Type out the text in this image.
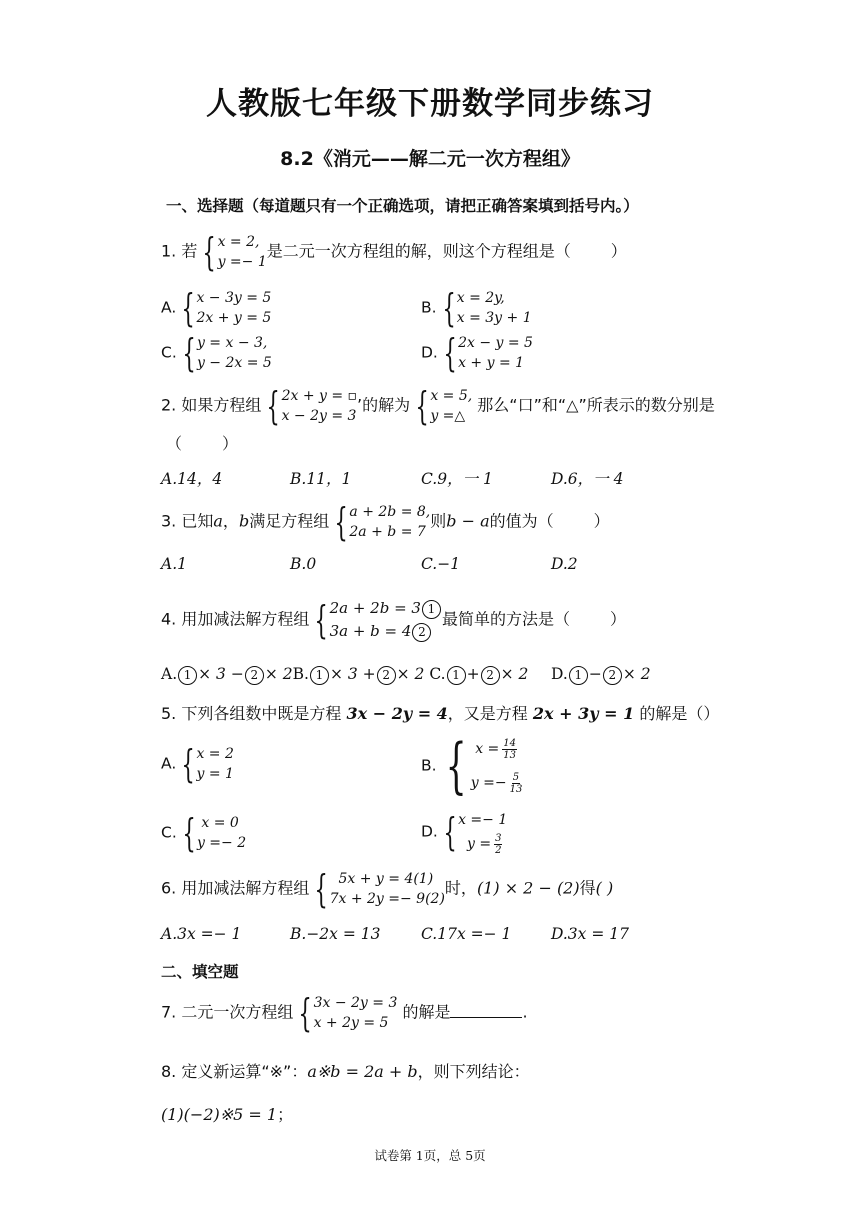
人教版七年级下册数学同步练习
8.2《消元——解二元一次方程组》
一、选择题（每道题只有一个正确选项，请把正确答案填到括号内。）
1. 若 { x = 2,
y =− 1
是二元一次方程组的解，则这个方程组是（	）
A. { x − 3y = 5
2x + y = 5
B. { x = 2y,
x = 3y + 1
C. { y = x − 3,
y − 2x = 5
D. { 2x − y = 5
x + y = 1
2. 如果方程组 { 2x + y = ▫
x − 2y = 3
’的解为 { x = 5,
y =△
那么“口”和“△”所表示的数分别是
（	）
A.14，4	B.11，1	C.9，一 1	D.6，一 4
3. 已知a，b满足方程组 { a + 2b = 8,
2a + b = 7
则b − a的值为（	）
A.1	B.0	C.−1	D.2
4. 用加减法解方程组 { 2a + 2b = 3 1
3a + b = 4 2
最简单的方法是（	）
A. 1 × 3 − 2 × 2B. 1 × 3 + 2 × 2 C. 1 + 2 × 2 D. 1 − 2 × 2
5. 下列各组数中既是方程 3x − 2y = 4，又是方程 2x + 3y = 1 的解是（）
A. { x = 2
y = 1	B. { $x = \frac{14}{13}$
$y =- \frac{5}{13}$
C. { x = 0
y =− 2
D. { x =− 1
$y = \frac{3}{2}$
6. 用加减法解方程组 { 5x + y = 4(1)
7x + 2y =− 9(2)
时，(1) × 2 − (2)得( )
A.3x =− 1	B.−2x = 13	C.17x =− 1	D.3x = 17
二、填空题
7. 二元一次方程组 { 3x − 2y = 3
x + 2y = 5
的解是	.
8. 定义新运算“※”：a※b = 2a + b，则下列结论：
(1)(−2)※5 = 1；
试卷第 1页，总 5页
